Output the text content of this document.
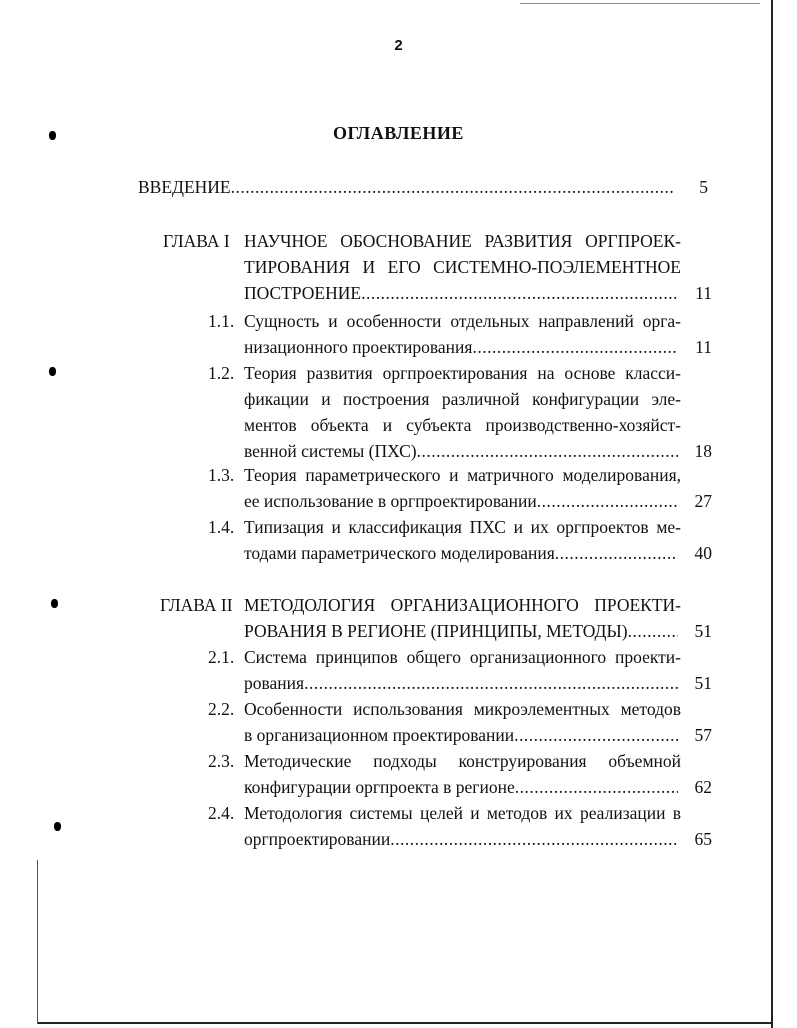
2
ОГЛАВЛЕНИЕ
ВВЕДЕНИЕ .....	5
ГЛАВА I НАУЧНОЕ ОБОСНОВАНИЕ РАЗВИТИЯ ОРГПРОЕК-
ТИРОВАНИЯ И ЕГО СИСТЕМНО-ПОЭЛЕМЕНТНОЕ
ПОСТРОЕНИЕ .....	11
1.1. Сущность и особенности отдельных направлений орга-
низационного проектирования .....	11
1.2. Теория развития оргпроектирования на основе класси-
фикации и построения различной конфигурации эле-
ментов объекта и субъекта производственно-хозяйст-
венной системы (ПХС) .....	18
1.3. Теория параметрического и матричного моделирования,
ее использование в оргпроектировании .....	27
1.4. Типизация и классификация ПХС и их оргпроектов ме-
тодами параметрического моделирования .....	40
ГЛАВА II МЕТОДОЛОГИЯ ОРГАНИЗАЦИОННОГО ПРОЕКТИ-
РОВАНИЯ В РЕГИОНЕ (ПРИНЦИПЫ, МЕТОДЫ) .....	51
2.1. Система принципов общего организационного проекти-
рования .....	51
2.2. Особенности использования микроэлементных методов
в организационном проектировании .....	57
2.3. Методические подходы конструирования объемной
конфигурации оргпроекта в регионе .....	62
2.4. Методология системы целей и методов их реализации в
оргпроектировании .....	65
